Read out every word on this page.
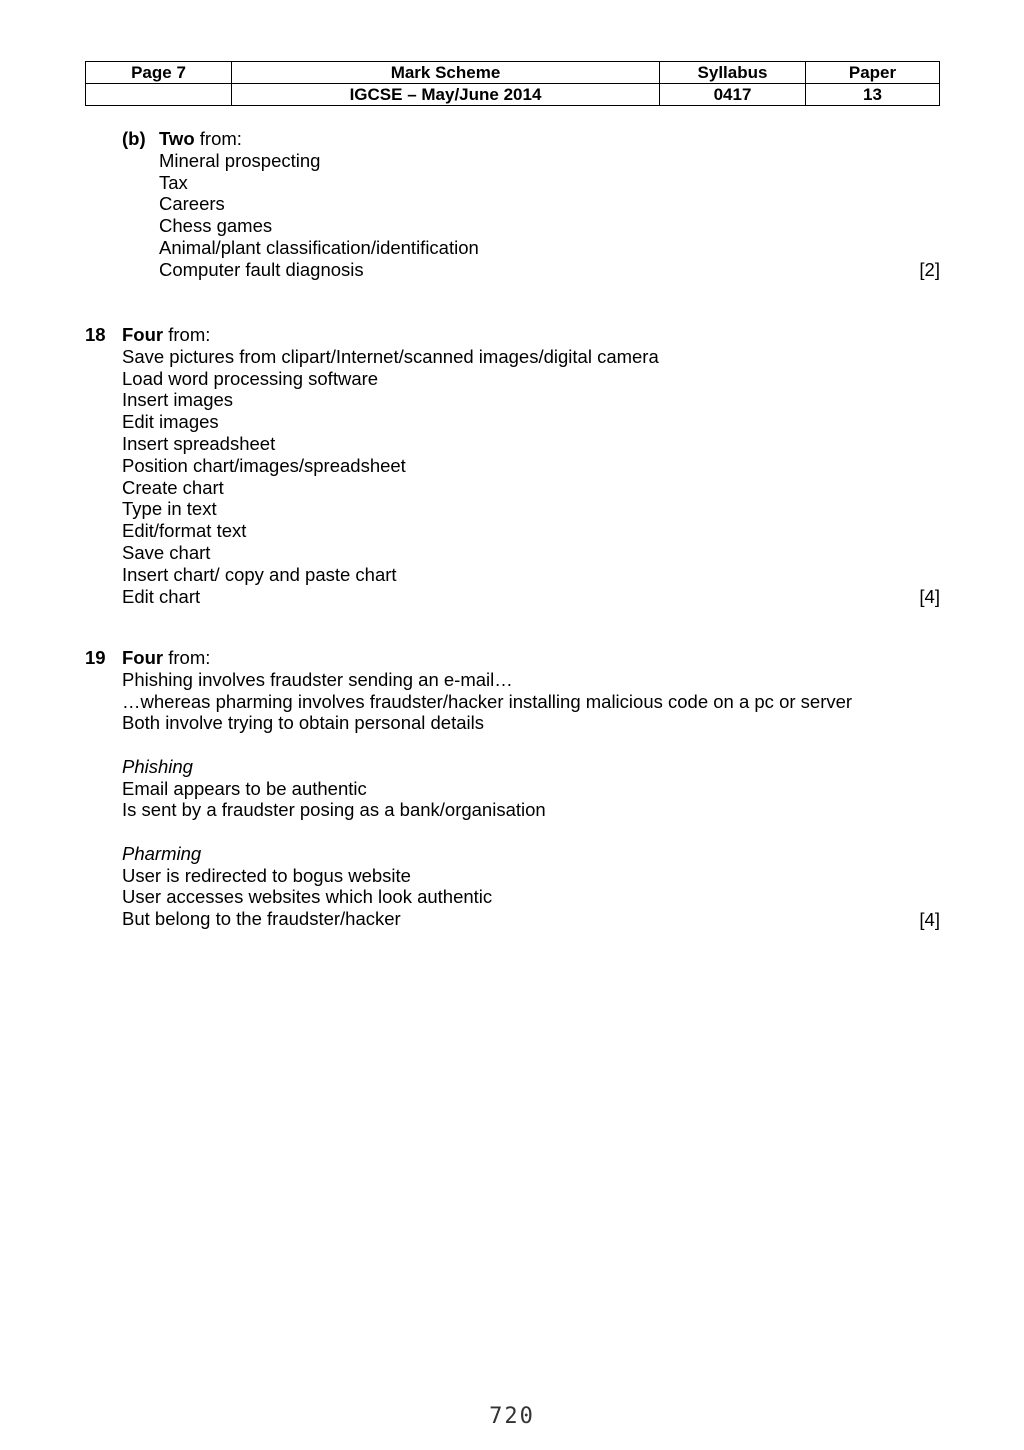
Page 7	Mark Scheme	Syllabus	Paper
	IGCSE – May/June 2014	0417	13
(b) Two from:
Mineral prospecting
Tax
Careers
Chess games
Animal/plant classification/identification
Computer fault diagnosis	[2]
18 Four from:
Save pictures from clipart/Internet/scanned images/digital camera
Load word processing software
Insert images
Edit images
Insert spreadsheet
Position chart/images/spreadsheet
Create chart
Type in text
Edit/format text
Save chart
Insert chart/ copy and paste chart
Edit chart	[4]
19 Four from:
Phishing involves fraudster sending an e-mail…
…whereas pharming involves fraudster/hacker installing malicious code on a pc or server
Both involve trying to obtain personal details
Phishing
Email appears to be authentic
Is sent by a fraudster posing as a bank/organisation
Pharming
User is redirected to bogus website
User accesses websites which look authentic
But belong to the fraudster/hacker	[4]
720
